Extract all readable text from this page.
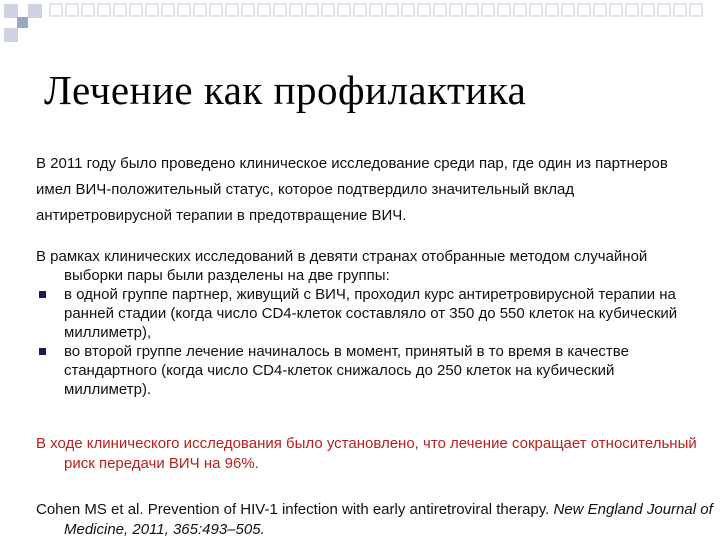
Лечение как профилактика
В 2011 году было проведено клиническое исследование среди пар, где один из партнеров имел ВИЧ-положительный статус, которое подтвердило значительный вклад антиретровирусной терапии в предотвращение ВИЧ.
В рамках клинических исследований в девяти странах отобранные методом случайной выборки пары были разделены на две группы:
в одной группе партнер, живущий с ВИЧ, проходил курс антиретровирусной терапии на ранней стадии (когда число CD4-клеток составляло от 350 до 550 клеток на кубический миллиметр),
во второй группе лечение начиналось в момент, принятый в то время в качестве стандартного (когда число CD4-клеток снижалось до 250 клеток на кубический миллиметр).
В ходе клинического исследования было установлено, что лечение сокращает относительный риск передачи ВИЧ на 96%.
Cohen MS et al. Prevention of HIV-1 infection with early antiretroviral therapy. New England Journal of Medicine, 2011, 365:493–505.
